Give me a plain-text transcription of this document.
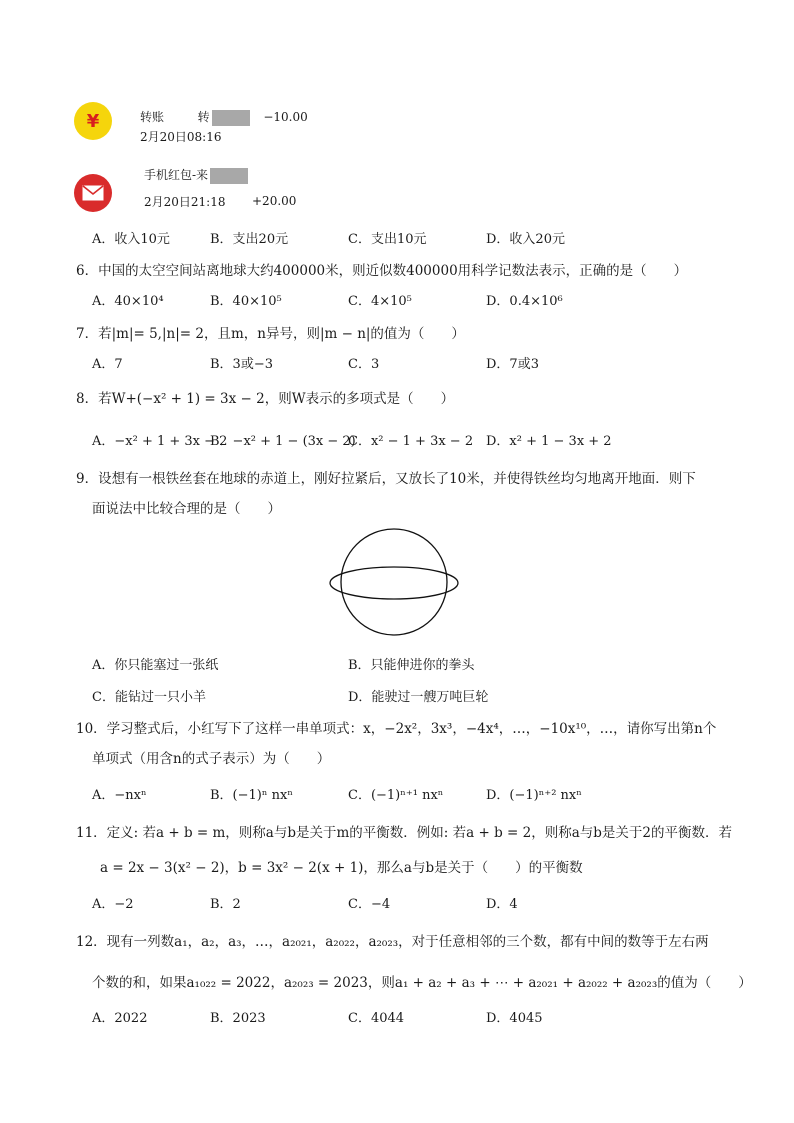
¥	转账	转	−10.00
2月20日08:16
手机红包-来
2月20日21:18 +20.00
A．收入10元	B．支出20元	C．支出10元	D．收入20元
6．中国的太空空间站离地球大约400000米，则近似数400000用科学记数法表示，正确的是（　　）
A．40×10⁴	B．40×10⁵	C．4×10⁵	D．0.4×10⁶
7．若|m|= 5,|n|= 2，且m，n异号，则|m − n|的值为（　　）
A．7	B．3或−3	C．3	D．7或3
8．若W+(−x² + 1) = 3x − 2，则W表示的多项式是（　　）
A．−x² + 1 + 3x − 2
B．−x² + 1 − (3x − 2)
C．x² − 1 + 3x − 2 D．x² + 1 − 3x + 2
9．设想有一根铁丝套在地球的赤道上，刚好拉紧后，又放长了10米，并使得铁丝均匀地离开地面．则下
面说法中比较合理的是（　　）
A．你只能塞过一张纸	B．只能伸进你的拳头
C．能钻过一只小羊	D．能驶过一艘万吨巨轮
10．学习整式后，小红写下了这样一串单项式：x，−2x²，3x³，−4x⁴，…，−10x¹⁰，…，请你写出第n个
单项式（用含n的式子表示）为（　　）
A．−nxⁿ	B．(−1)ⁿ nxⁿ	C．(−1)ⁿ⁺¹ nxⁿ	D．(−1)ⁿ⁺² nxⁿ
11．定义: 若a + b = m，则称a与b是关于m的平衡数．例如: 若a + b = 2，则称a与b是关于2的平衡数．若
a = 2x − 3(x² − 2)，b = 3x² − 2(x + 1)，那么a与b是关于（　　）的平衡数
A．−2	B．2	C．−4	D．4
12．现有一列数a₁，a₂，a₃，…，a₂₀₂₁，a₂₀₂₂，a₂₀₂₃，对于任意相邻的三个数，都有中间的数等于左右两
个数的和，如果a₁₀₂₂ = 2022，a₂₀₂₃ = 2023，则a₁ + a₂ + a₃ + ⋯ + a₂₀₂₁ + a₂₀₂₂ + a₂₀₂₃的值为（　　）
A．2022	B．2023	C．4044	D．4045
